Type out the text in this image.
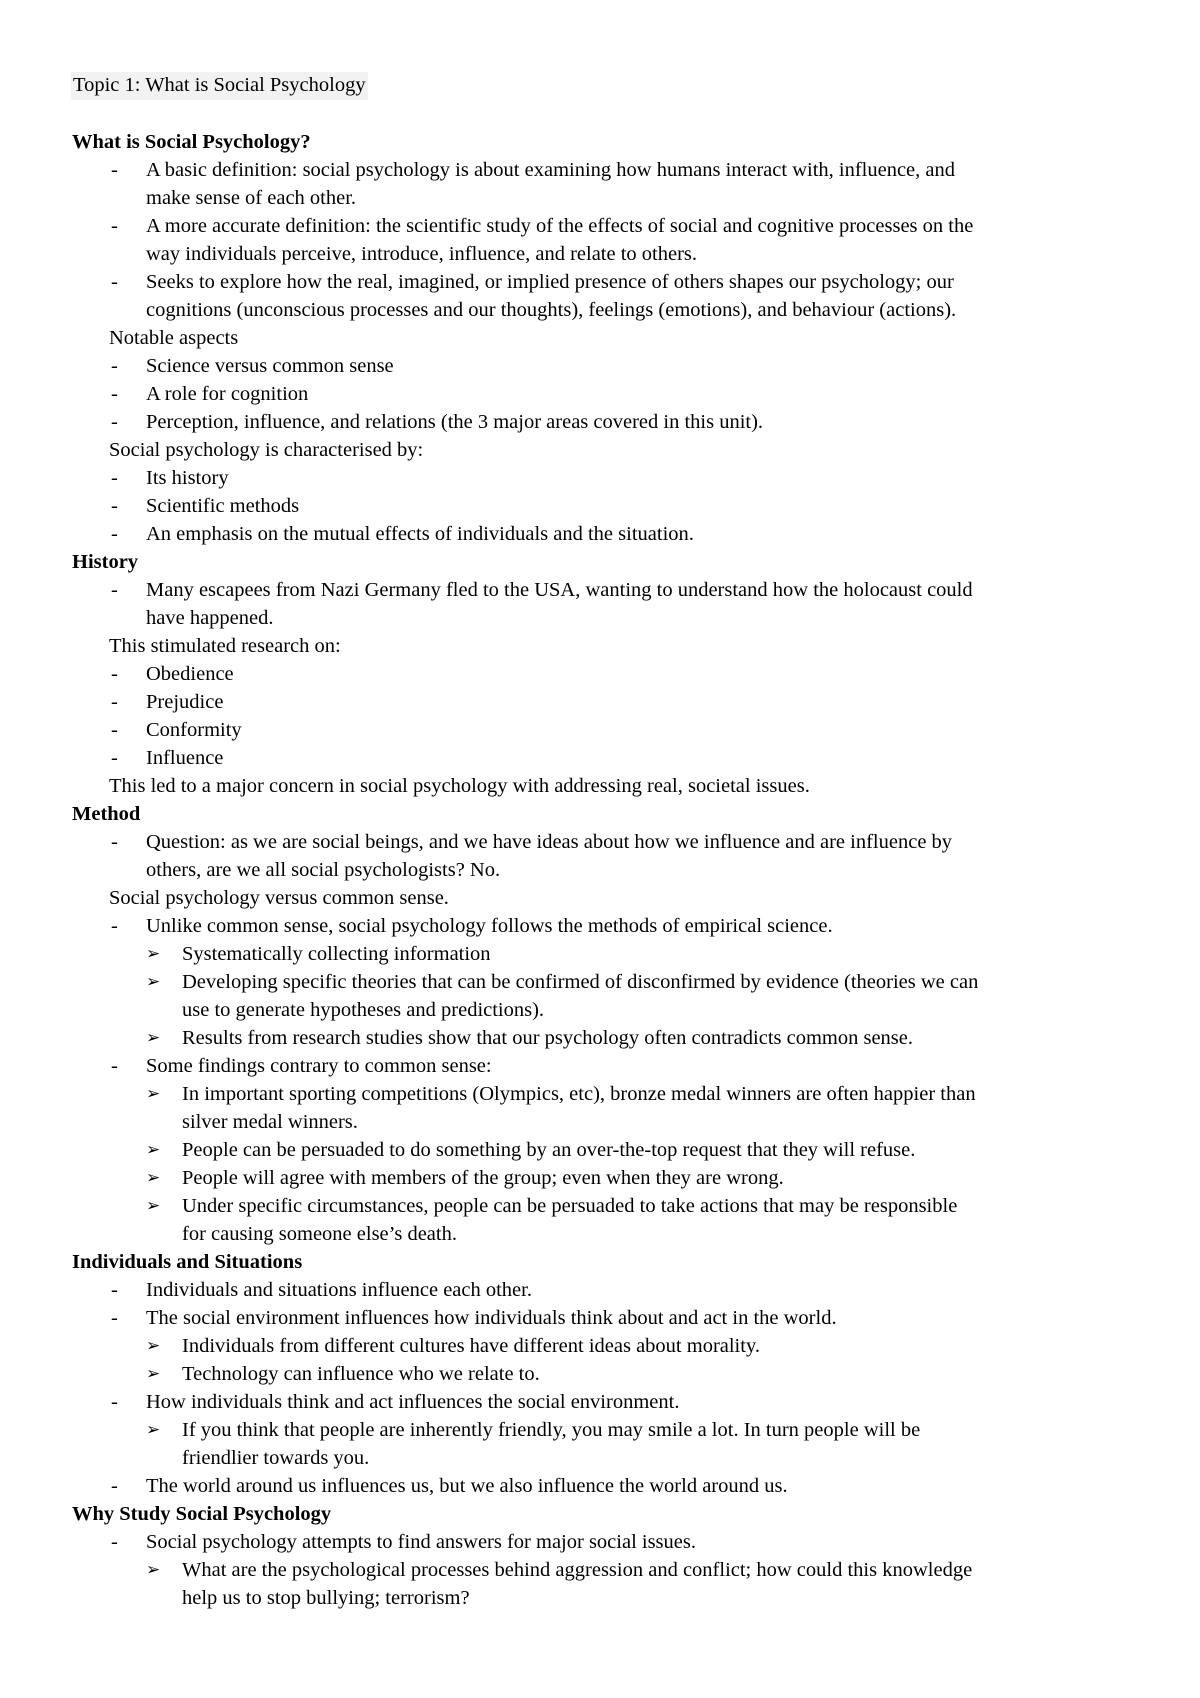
Topic 1: What is Social Psychology
What is Social Psychology?
- A basic definition: social psychology is about examining how humans interact with, influence, and
make sense of each other.
- A more accurate definition: the scientific study of the effects of social and cognitive processes on the
way individuals perceive, introduce, influence, and relate to others.
- Seeks to explore how the real, imagined, or implied presence of others shapes our psychology; our
cognitions (unconscious processes and our thoughts), feelings (emotions), and behaviour (actions).
Notable aspects
- Science versus common sense
- A role for cognition
- Perception, influence, and relations (the 3 major areas covered in this unit).
Social psychology is characterised by:
- Its history
- Scientific methods
- An emphasis on the mutual effects of individuals and the situation.
History
- Many escapees from Nazi Germany fled to the USA, wanting to understand how the holocaust could
have happened.
This stimulated research on:
- Obedience
- Prejudice
- Conformity
- Influence
This led to a major concern in social psychology with addressing real, societal issues.
Method
- Question: as we are social beings, and we have ideas about how we influence and are influence by
others, are we all social psychologists? No.
Social psychology versus common sense.
- Unlike common sense, social psychology follows the methods of empirical science.
➢ Systematically collecting information
➢ Developing specific theories that can be confirmed of disconfirmed by evidence (theories we can
use to generate hypotheses and predictions).
➢ Results from research studies show that our psychology often contradicts common sense.
- Some findings contrary to common sense:
➢ In important sporting competitions (Olympics, etc), bronze medal winners are often happier than
silver medal winners.
➢ People can be persuaded to do something by an over-the-top request that they will refuse.
➢ People will agree with members of the group; even when they are wrong.
➢ Under specific circumstances, people can be persuaded to take actions that may be responsible
for causing someone else’s death.
Individuals and Situations
- Individuals and situations influence each other.
- The social environment influences how individuals think about and act in the world.
➢ Individuals from different cultures have different ideas about morality.
➢ Technology can influence who we relate to.
- How individuals think and act influences the social environment.
➢ If you think that people are inherently friendly, you may smile a lot. In turn people will be
friendlier towards you.
- The world around us influences us, but we also influence the world around us.
Why Study Social Psychology
- Social psychology attempts to find answers for major social issues.
➢ What are the psychological processes behind aggression and conflict; how could this knowledge
help us to stop bullying; terrorism?
